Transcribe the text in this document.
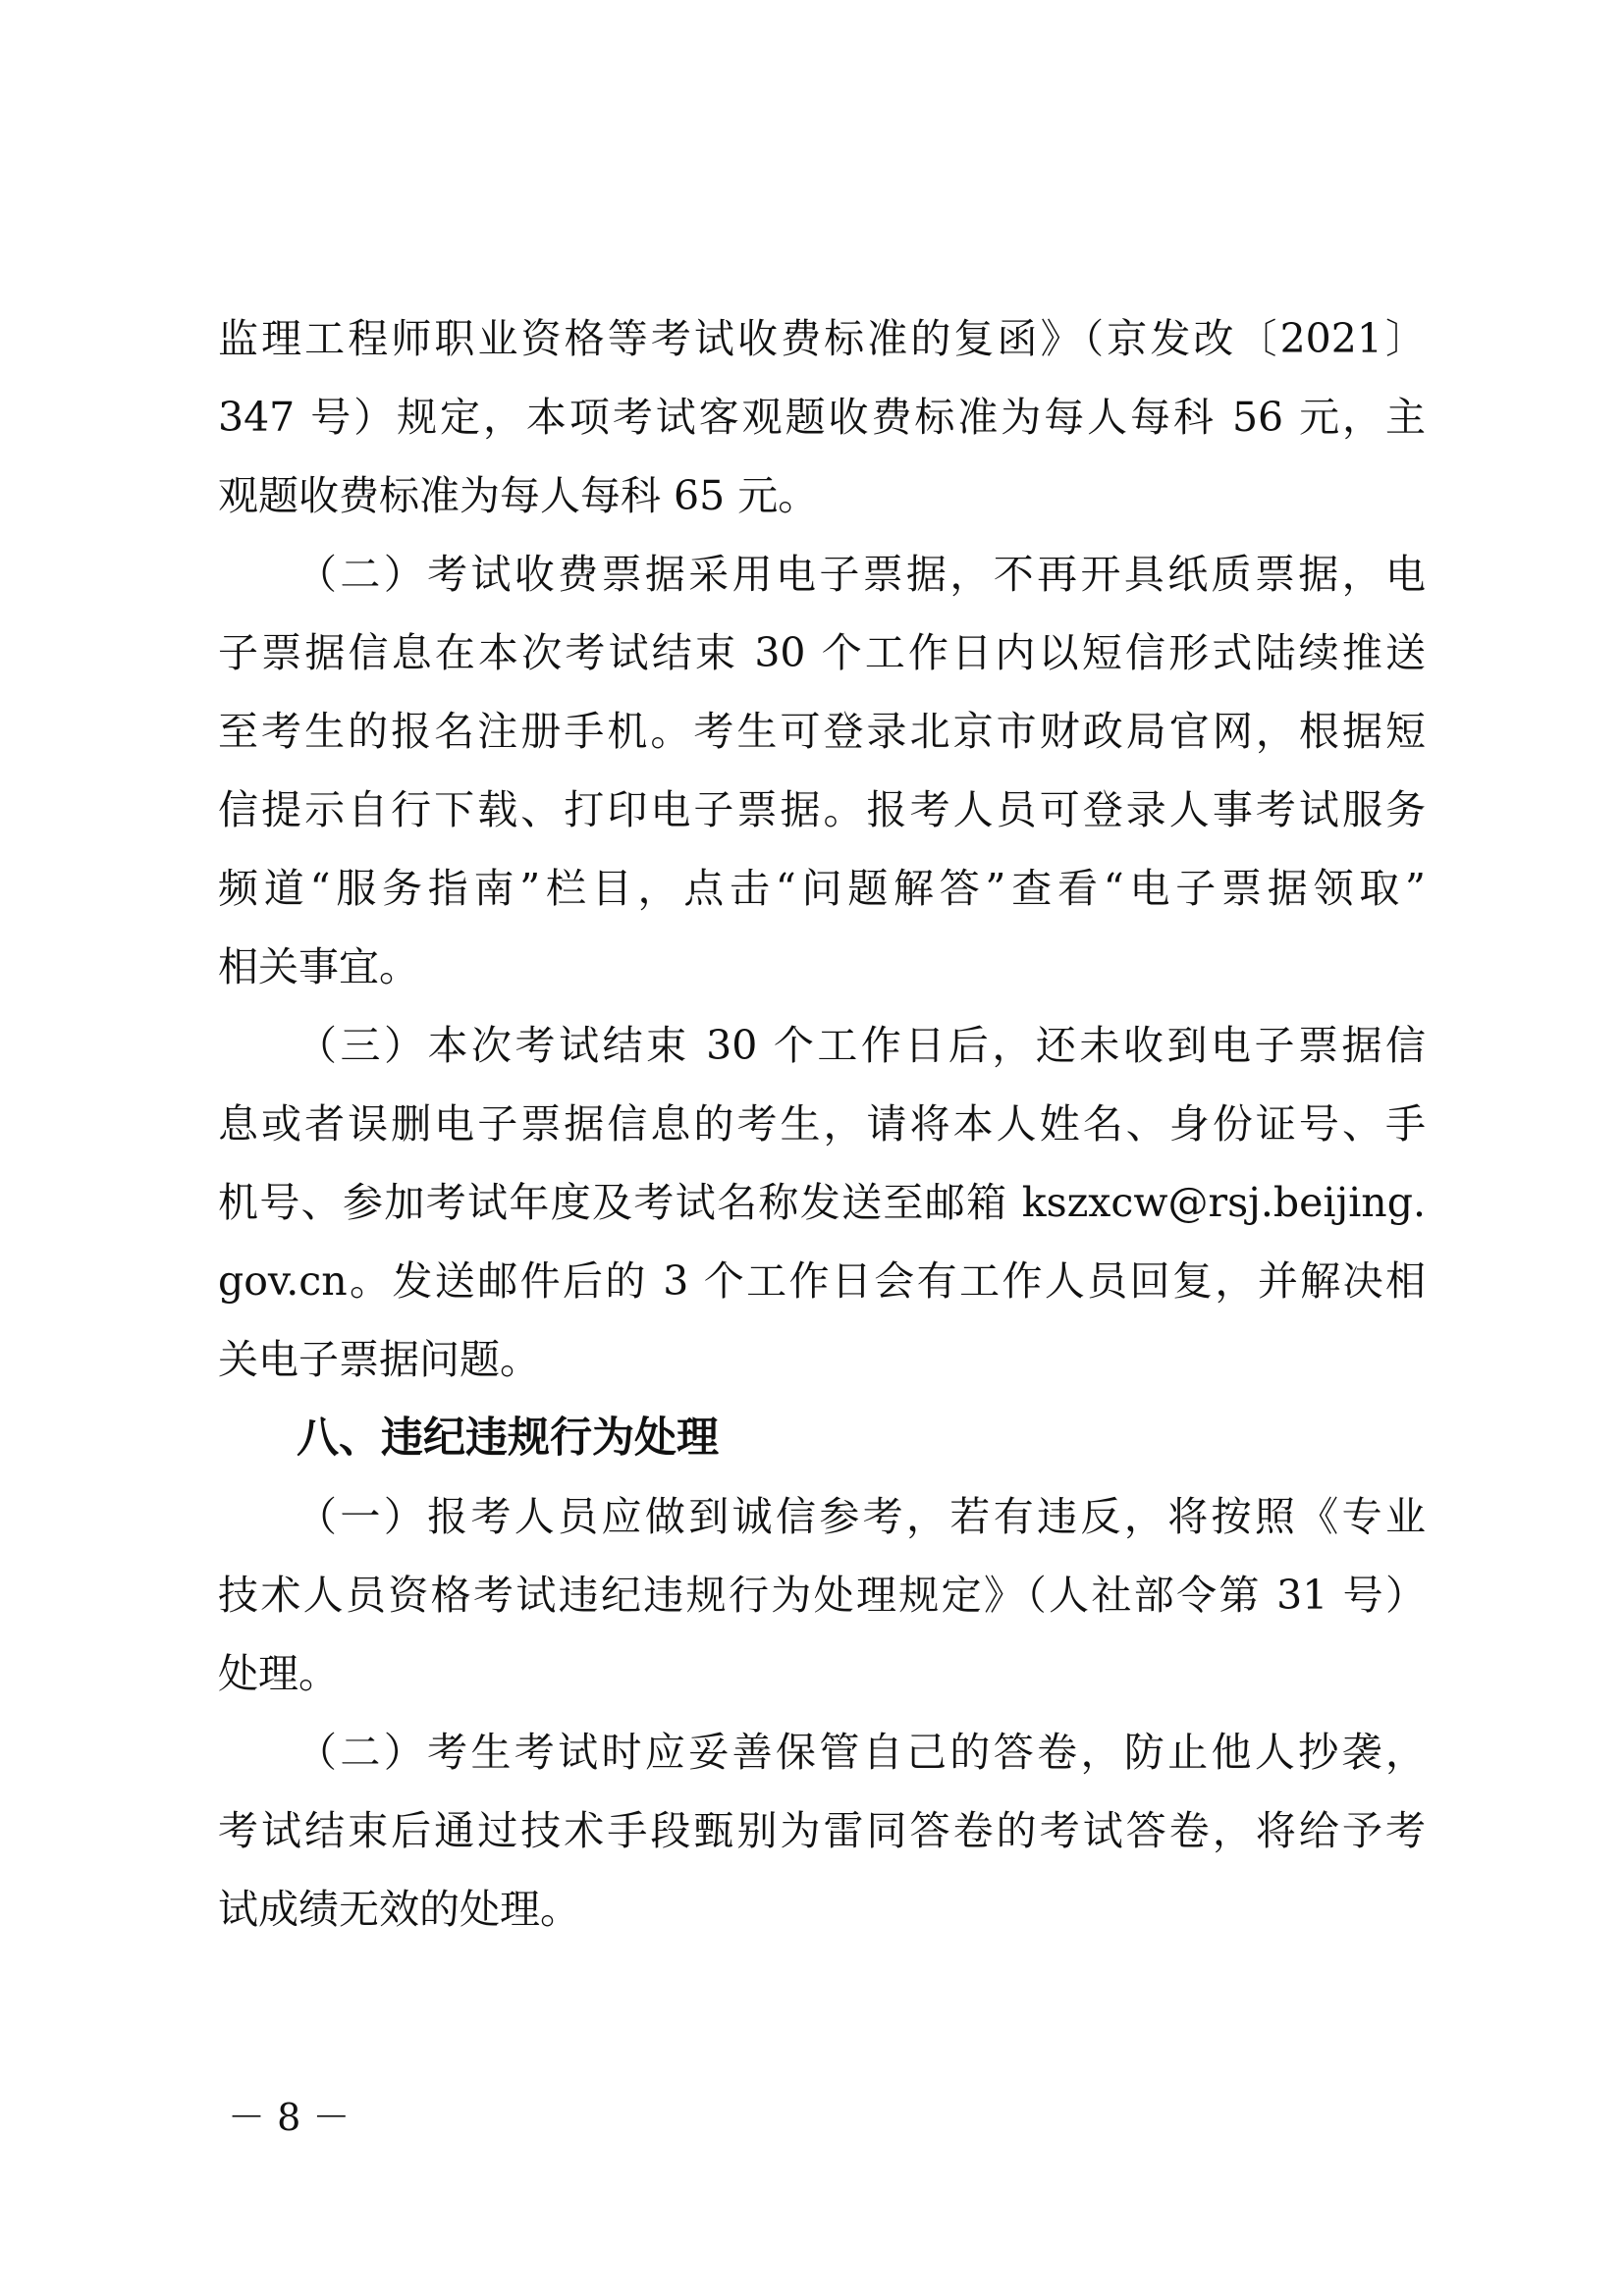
监理工程师职业资格等考试收费标准的复函》（京发改〔2021〕
347 号）规定，本项考试客观题收费标准为每人每科 56 元，主
观题收费标准为每人每科 65 元。
（二）考试收费票据采用电子票据，不再开具纸质票据，电
子票据信息在本次考试结束 30 个工作日内以短信形式陆续推送
至考生的报名注册手机。考生可登录北京市财政局官网，根据短
信提示自行下载、打印电子票据。报考人员可登录人事考试服务
频道“服务指南”栏目，点击“问题解答”查看“电子票据领取”
相关事宜。
（三）本次考试结束 30 个工作日后，还未收到电子票据信
息或者误删电子票据信息的考生，请将本人姓名、身份证号、手
机号、参加考试年度及考试名称发送至邮箱 kszxcw@rsj.beijing.
gov.cn。发送邮件后的 3 个工作日会有工作人员回复，并解决相
关电子票据问题。
八、违纪违规行为处理
（一）报考人员应做到诚信参考，若有违反，将按照《专业
技术人员资格考试违纪违规行为处理规定》（人社部令第 31 号）
处理。
（二）考生考试时应妥善保管自己的答卷，防止他人抄袭，
考试结束后通过技术手段甄别为雷同答卷的考试答卷，将给予考
试成绩无效的处理。
－ 8 －
